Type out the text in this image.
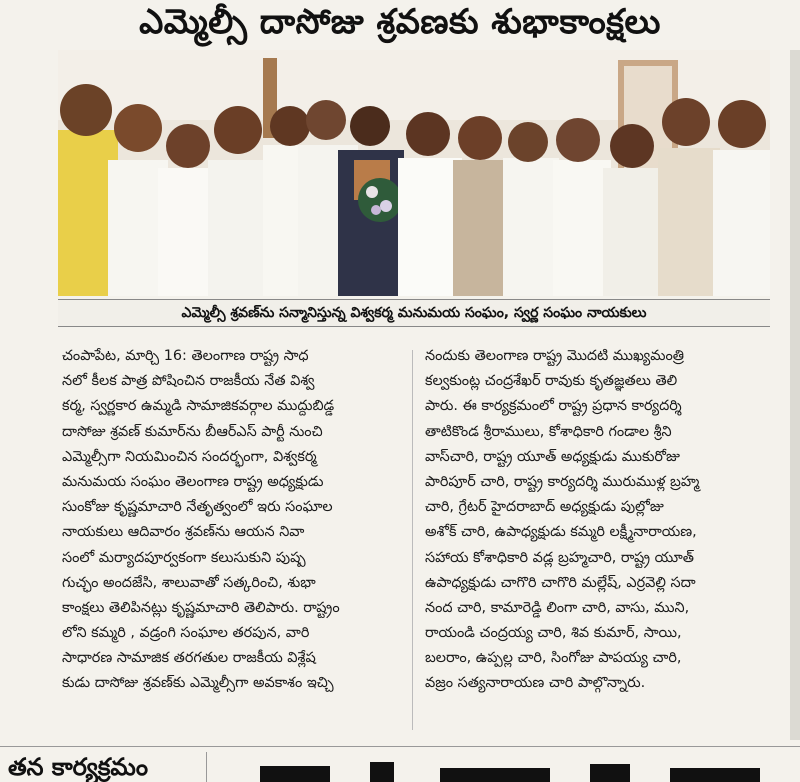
ఎమ్మెల్సీ దాసోజు శ్రవణకు శుభాకాంక్షలు
ఎమ్మెల్సీ శ్రవణ్‌ను సన్మానిస్తున్న విశ్వకర్మ మనుమయ సంఘం, స్వర్ణ సంఘం నాయకులు
చంపాపేట, మార్చి 16: తెలంగాణ రాష్ట్ర సాధ
నలో కీలక పాత్ర పోషించిన రాజకీయ నేత విశ్వ
కర్మ, స్వర్ణకార ఉమ్మడి సామాజికవర్గాల ముద్దుబిడ్డ
దాసోజు శ్రవణ్ కుమార్‌ను బీఆర్ఎస్ పార్టీ నుంచి
ఎమ్మెల్సీగా నియమించిన సందర్భంగా, విశ్వకర్మ
మనుమయ సంఘం తెలంగాణ రాష్ట్ర అధ్యక్షుడు
సుంకోజు కృష్ణమాచారి నేతృత్వంలో ఇరు సంఘాల
నాయకులు ఆదివారం శ్రవణ్‌ను ఆయన నివా
సంలో మర్యాదపూర్వకంగా కలుసుకుని పుష్ప
గుచ్ఛం అందజేసి, శాలువాతో సత్కరించి, శుభా
కాంక్షలు తెలిపినట్లు కృష్ణమాచారి తెలిపారు. రాష్ట్రం
లోని కమ్మరి , వడ్రంగి సంఘాల తరపున, వారి
సాధారణ సామాజిక తరగతుల రాజకీయ విశ్లేష
కుడు దాసోజు శ్రవణ్‌కు ఎమ్మెల్సీగా అవకాశం ఇచ్చి
నందుకు తెలంగాణ రాష్ట్ర మొదటి ముఖ్యమంత్రి
కల్వకుంట్ల చంద్రశేఖర్ రావుకు కృతజ్ఞతలు తెలి
పారు. ఈ కార్యక్రమంలో రాష్ట్ర ప్రధాన కార్యదర్శి
తాటికొండ శ్రీరాములు, కోశాధికారి గండాల శ్రీని
వాస్‌చారి, రాష్ట్ర యూత్ అధ్యక్షుడు ముకురోజు
పారిపూర్ చారి, రాష్ట్ర కార్యదర్శి మురుముళ్ల బ్రహ్మ
చారి, గ్రేటర్ హైదరాబాద్ అధ్యక్షుడు పుల్లోజు
అశోక్ చారి, ఉపాధ్యక్షుడు కమ్మరి లక్ష్మీనారాయణ,
సహాయ కోశాధికారి వడ్ల బ్రహ్మచారి, రాష్ట్ర యూత్
ఉపాధ్యక్షుడు చాగొరి చాగొరి మల్లేష్, ఎర్రవెల్లి సదా
నంద చారి, కామారెడ్డి లింగా చారి, వాసు, ముని,
రాయండి చంద్రయ్య చారి, శివ కుమార్, సాయి,
బలరాం, ఉప్పల్ల చారి, సింగోజు పాపయ్య చారి,
వజ్రం సత్యనారాయణ చారి పాల్గొన్నారు.
తన కార్యక్రమం
